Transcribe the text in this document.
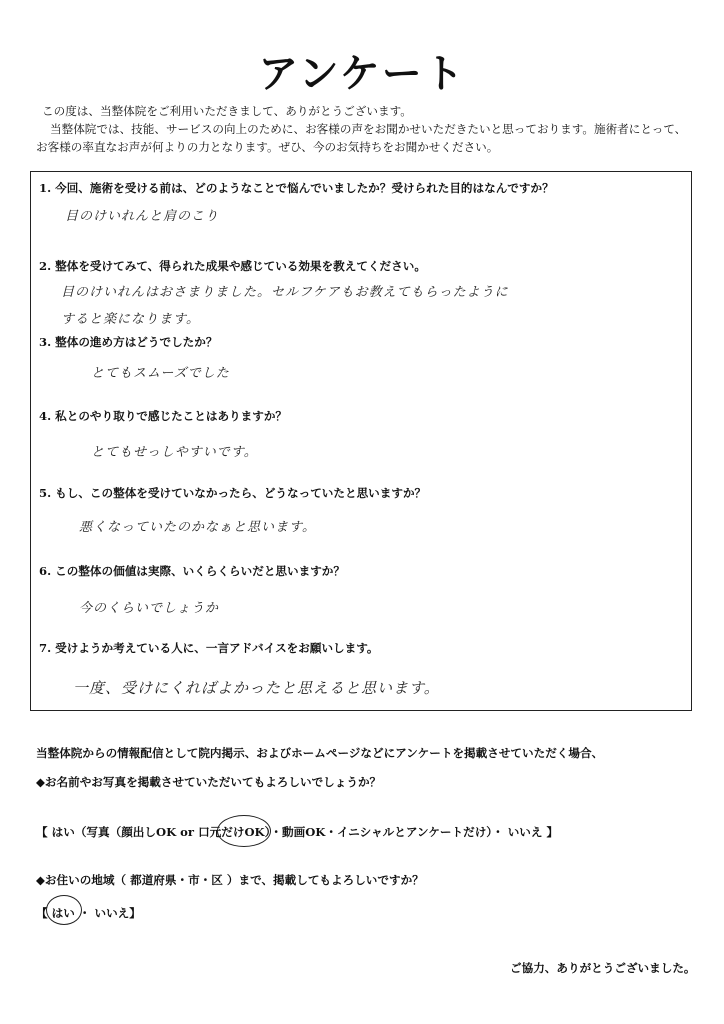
アンケート
この度は、当整体院をご利用いただきまして、ありがとうございます。
当整体院では、技能、サービスの向上のために、お客様の声をお聞かせいただきたいと思っております。施術者にとって、
お客様の率直なお声が何よりの力となります。ぜひ、今のお気持ちをお聞かせください。
1. 今回、施術を受ける前は、どのようなことで悩んでいましたか？受けられた目的はなんですか？
目のけいれんと肩のこり
2. 整体を受けてみて、得られた成果や感じている効果を教えてください。
目のけいれんはおさまりました。セルフケアもお教えてもらったように
すると楽になります。
3. 整体の進め方はどうでしたか？
とてもスムーズでした
4. 私とのやり取りで感じたことはありますか？
とてもせっしやすいです。
5. もし、この整体を受けていなかったら、どうなっていたと思いますか？
悪くなっていたのかなぁと思います。
6. この整体の価値は実際、いくらくらいだと思いますか？
今のくらいでしょうか
7. 受けようか考えている人に、一言アドバイスをお願いします。
一度、受けにくればよかったと思えると思います。
当整体院からの情報配信として院内掲示、およびホームページなどにアンケートを掲載させていただく場合、
◆お名前やお写真を掲載させていただいてもよろしいでしょうか？
【 はい（写真（顔出しOK or 口元だけOK）・動画OK・イニシャルとアンケートだけ）・ いいえ 】
◆お住いの地域（ 都道府県・市・区 ）まで、掲載してもよろしいですか？
【 はい ・ いいえ】
ご協力、ありがとうございました。
